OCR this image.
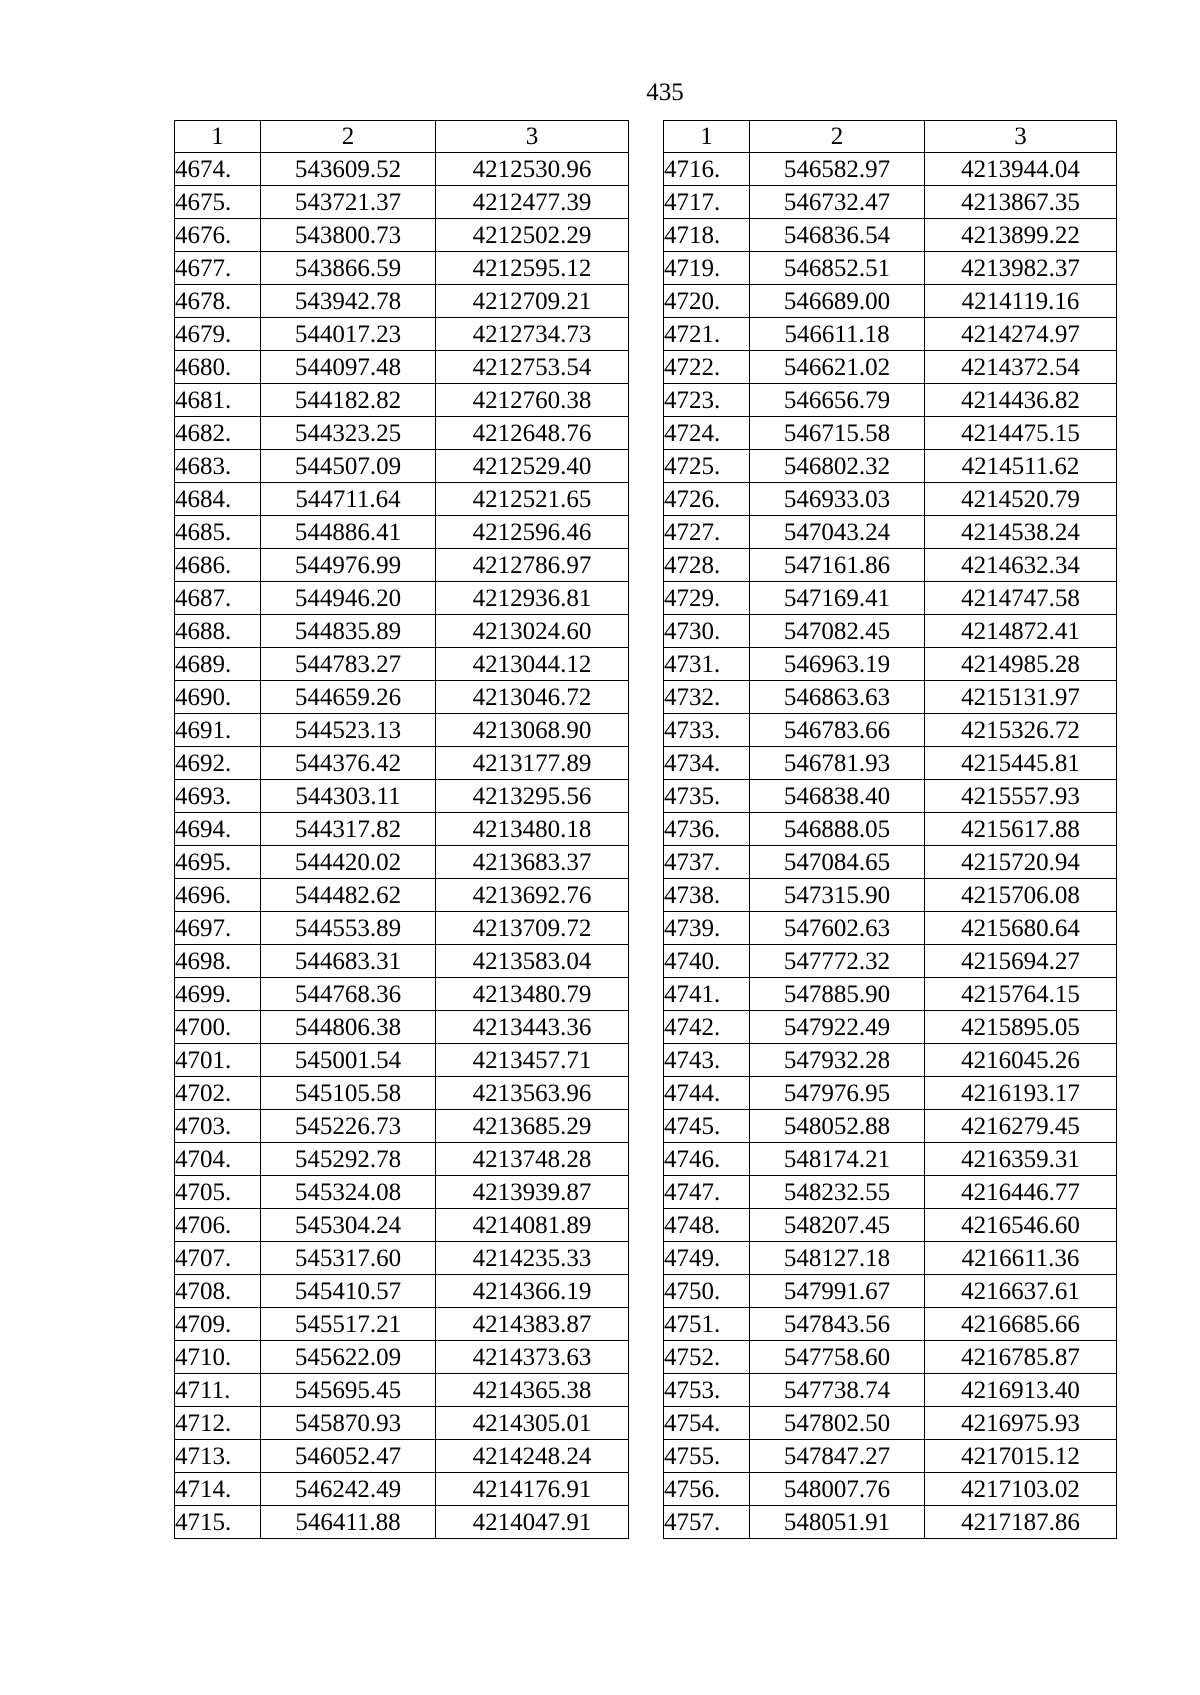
435
1	2	3
4674.	543609.52	4212530.96
4675.	543721.37	4212477.39
4676.	543800.73	4212502.29
4677.	543866.59	4212595.12
4678.	543942.78	4212709.21
4679.	544017.23	4212734.73
4680.	544097.48	4212753.54
4681.	544182.82	4212760.38
4682.	544323.25	4212648.76
4683.	544507.09	4212529.40
4684.	544711.64	4212521.65
4685.	544886.41	4212596.46
4686.	544976.99	4212786.97
4687.	544946.20	4212936.81
4688.	544835.89	4213024.60
4689.	544783.27	4213044.12
4690.	544659.26	4213046.72
4691.	544523.13	4213068.90
4692.	544376.42	4213177.89
4693.	544303.11	4213295.56
4694.	544317.82	4213480.18
4695.	544420.02	4213683.37
4696.	544482.62	4213692.76
4697.	544553.89	4213709.72
4698.	544683.31	4213583.04
4699.	544768.36	4213480.79
4700.	544806.38	4213443.36
4701.	545001.54	4213457.71
4702.	545105.58	4213563.96
4703.	545226.73	4213685.29
4704.	545292.78	4213748.28
4705.	545324.08	4213939.87
4706.	545304.24	4214081.89
4707.	545317.60	4214235.33
4708.	545410.57	4214366.19
4709.	545517.21	4214383.87
4710.	545622.09	4214373.63
4711.	545695.45	4214365.38
4712.	545870.93	4214305.01
4713.	546052.47	4214248.24
4714.	546242.49	4214176.91
4715.	546411.88	4214047.91
1	2	3
4716.	546582.97	4213944.04
4717.	546732.47	4213867.35
4718.	546836.54	4213899.22
4719.	546852.51	4213982.37
4720.	546689.00	4214119.16
4721.	546611.18	4214274.97
4722.	546621.02	4214372.54
4723.	546656.79	4214436.82
4724.	546715.58	4214475.15
4725.	546802.32	4214511.62
4726.	546933.03	4214520.79
4727.	547043.24	4214538.24
4728.	547161.86	4214632.34
4729.	547169.41	4214747.58
4730.	547082.45	4214872.41
4731.	546963.19	4214985.28
4732.	546863.63	4215131.97
4733.	546783.66	4215326.72
4734.	546781.93	4215445.81
4735.	546838.40	4215557.93
4736.	546888.05	4215617.88
4737.	547084.65	4215720.94
4738.	547315.90	4215706.08
4739.	547602.63	4215680.64
4740.	547772.32	4215694.27
4741.	547885.90	4215764.15
4742.	547922.49	4215895.05
4743.	547932.28	4216045.26
4744.	547976.95	4216193.17
4745.	548052.88	4216279.45
4746.	548174.21	4216359.31
4747.	548232.55	4216446.77
4748.	548207.45	4216546.60
4749.	548127.18	4216611.36
4750.	547991.67	4216637.61
4751.	547843.56	4216685.66
4752.	547758.60	4216785.87
4753.	547738.74	4216913.40
4754.	547802.50	4216975.93
4755.	547847.27	4217015.12
4756.	548007.76	4217103.02
4757.	548051.91	4217187.86
